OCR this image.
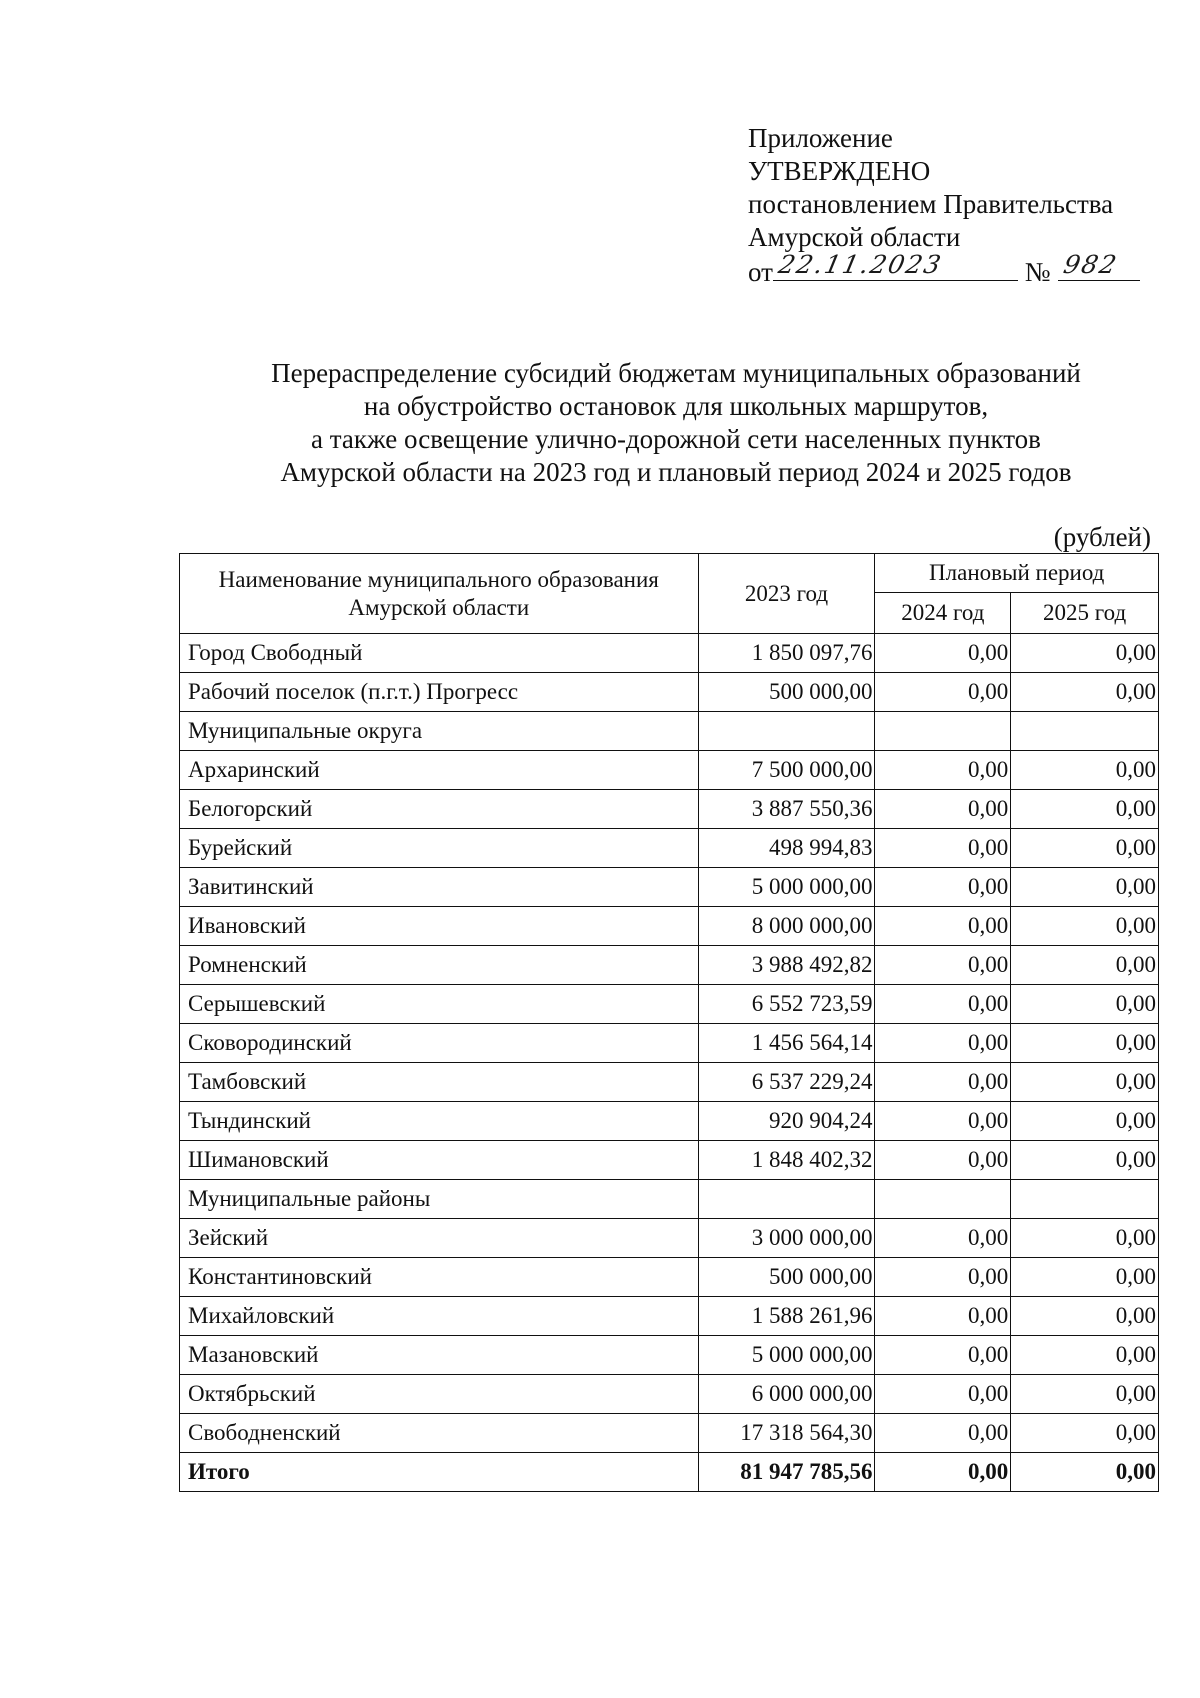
Приложение
УТВЕРЖДЕНО
постановлением Правительства
Амурской области
от 22.11.2023	№ 982
Перераспределение субсидий бюджетам муниципальных образований
на обустройство остановок для школьных маршрутов,
а также освещение улично-дорожной сети населенных пунктов
Амурской области на 2023 год и плановый период 2024 и 2025 годов
(рублей)
Наименование муниципального образования Амурской области	2023 год	Плановый период	
		2024 год	2025 год
Город Свободный	1 850 097,76	0,00	0,00
Рабочий поселок (п.г.т.) Прогресс	500 000,00	0,00	0,00
Муниципальные округа			
Архаринский	7 500 000,00	0,00	0,00
Белогорский	3 887 550,36	0,00	0,00
Бурейский	498 994,83	0,00	0,00
Завитинский	5 000 000,00	0,00	0,00
Ивановский	8 000 000,00	0,00	0,00
Ромненский	3 988 492,82	0,00	0,00
Серышевский	6 552 723,59	0,00	0,00
Сковородинский	1 456 564,14	0,00	0,00
Тамбовский	6 537 229,24	0,00	0,00
Тындинский	920 904,24	0,00	0,00
Шимановский	1 848 402,32	0,00	0,00
Муниципальные районы			
Зейский	3 000 000,00	0,00	0,00
Константиновский	500 000,00	0,00	0,00
Михайловский	1 588 261,96	0,00	0,00
Мазановский	5 000 000,00	0,00	0,00
Октябрьский	6 000 000,00	0,00	0,00
Свободненский	17 318 564,30	0,00	0,00
Итого	81 947 785,56	0,00	0,00
